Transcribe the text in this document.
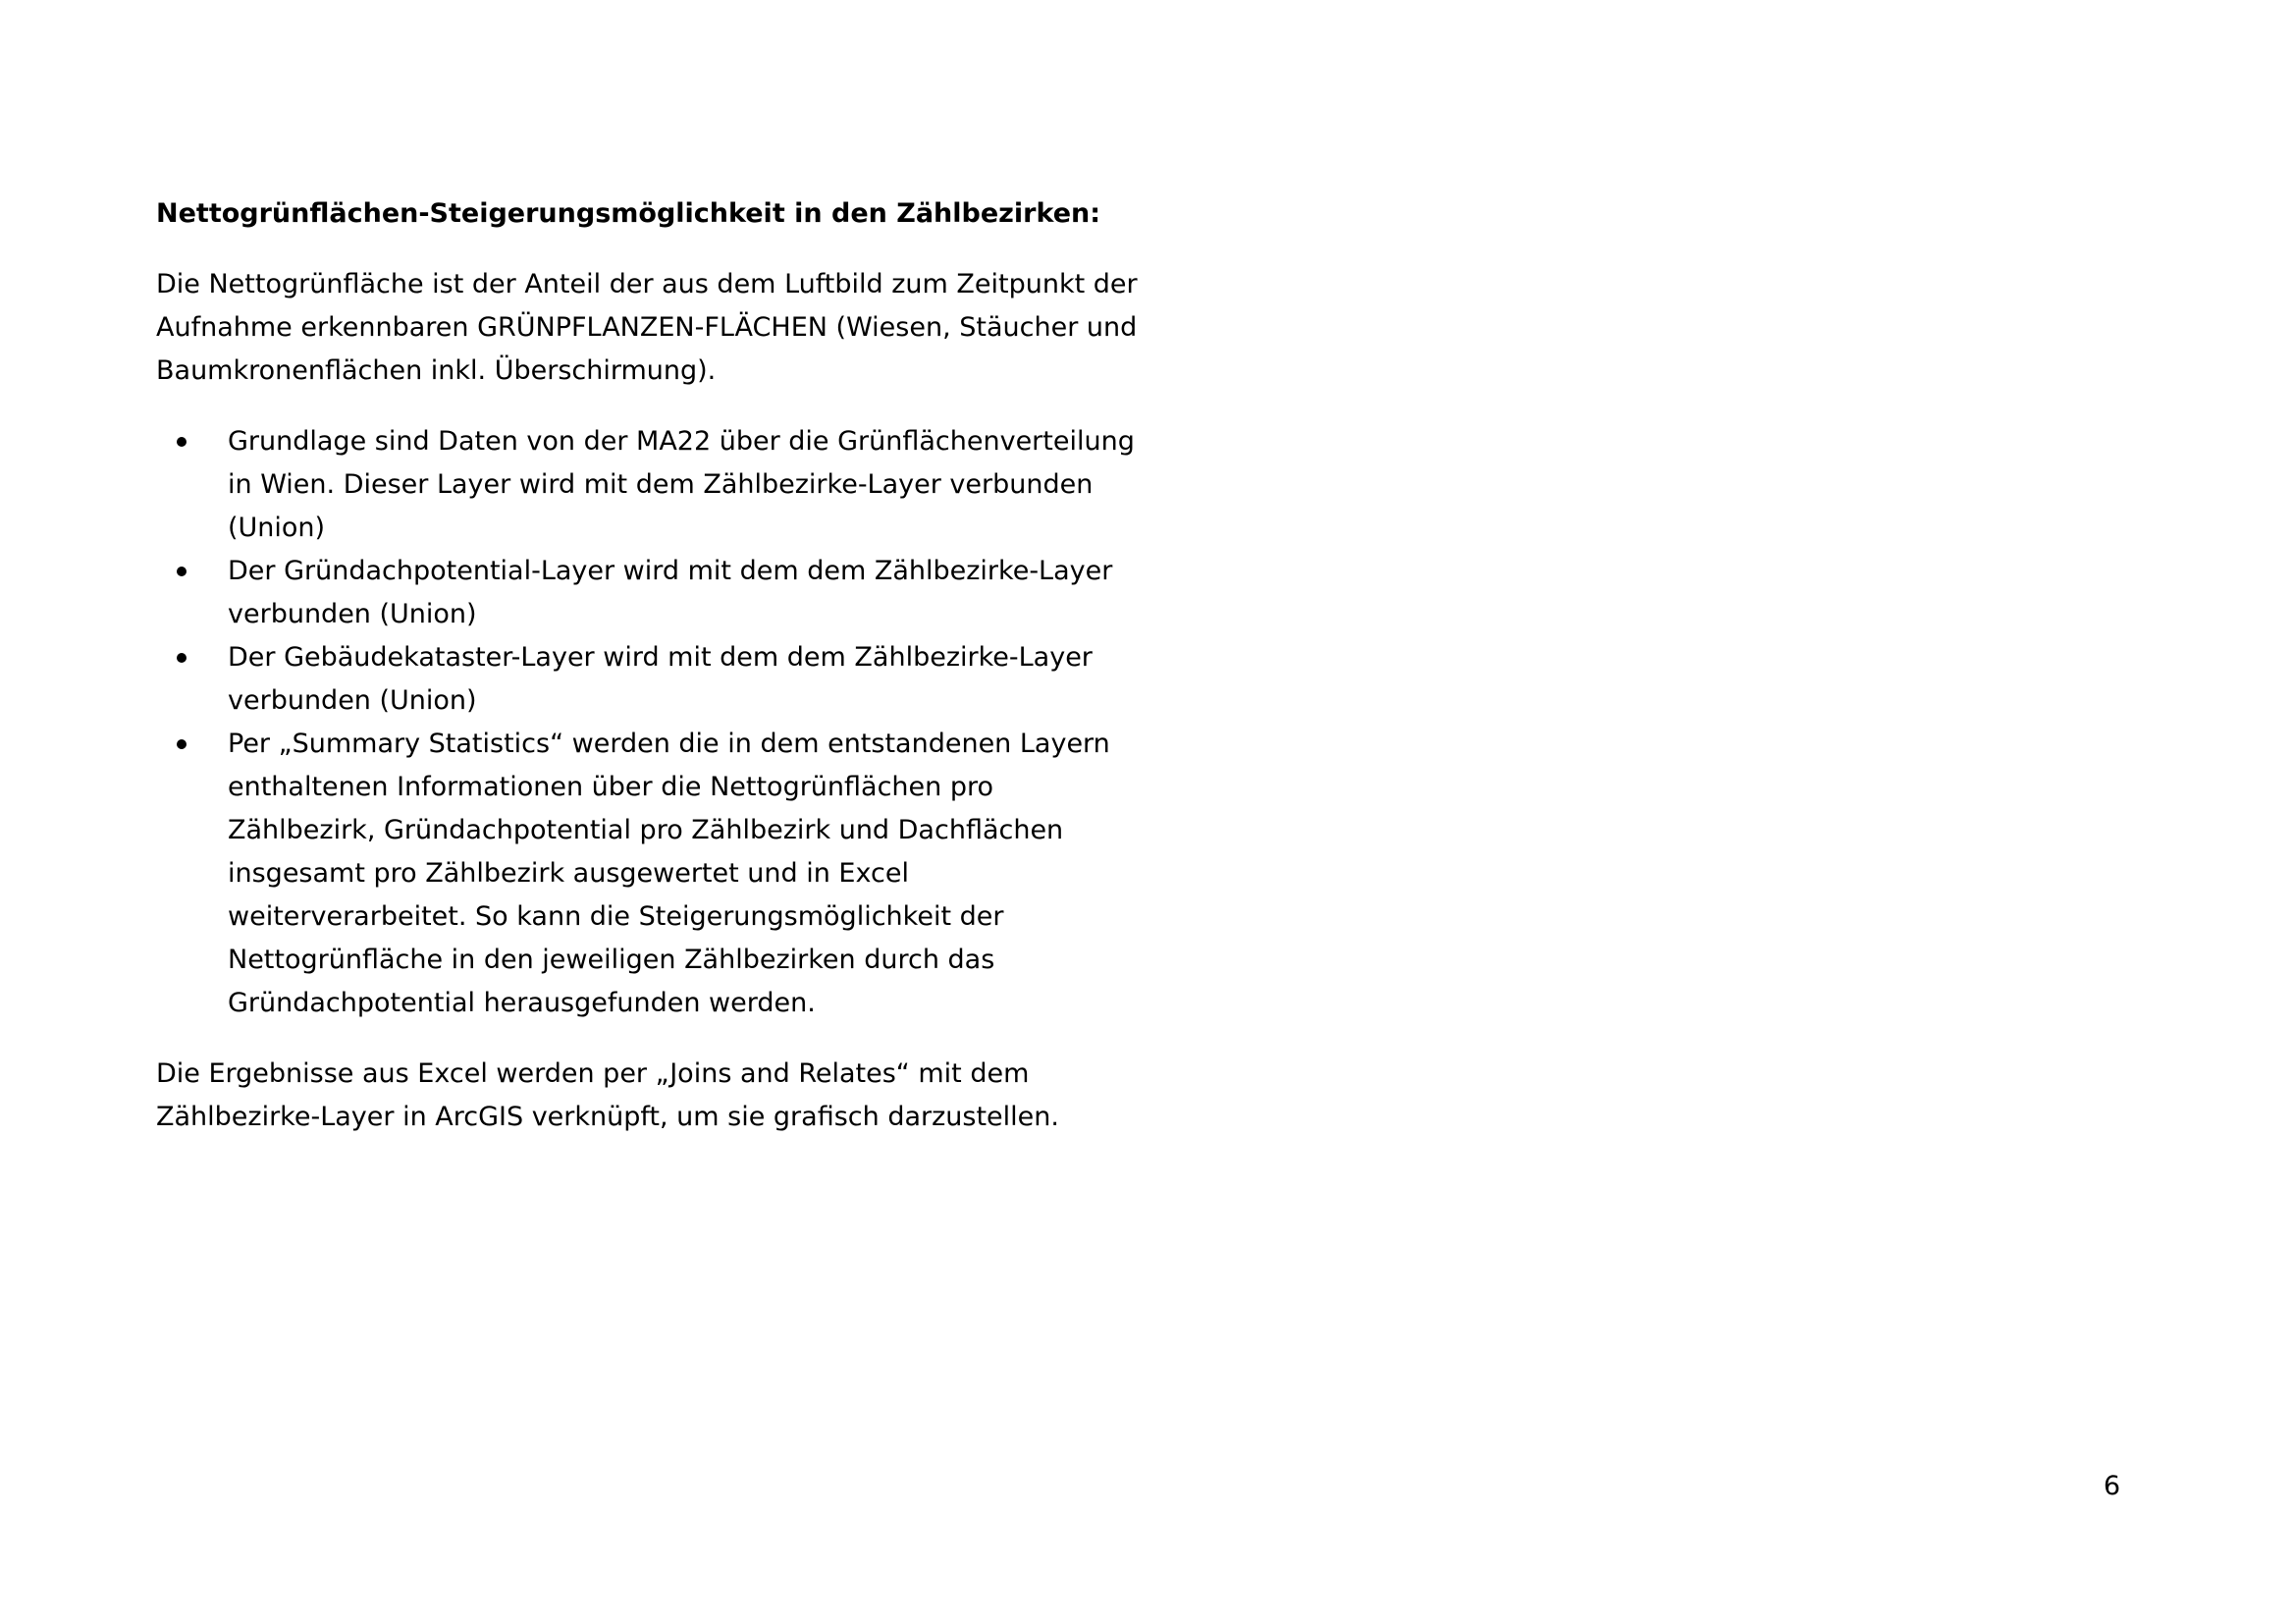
Nettogrünflächen-Steigerungsmöglichkeit in den Zählbezirken:
Die Nettogrünfläche ist der Anteil der aus dem Luftbild zum Zeitpunkt der Aufnahme erkennbaren GRÜNPFLANZEN-FLÄCHEN (Wiesen, Stäucher und Baumkronenflächen inkl. Überschirmung).
Grundlage sind Daten von der MA22 über die Grünflächenverteilung in Wien. Dieser Layer wird mit dem Zählbezirke-Layer verbunden (Union)
Der Gründachpotential-Layer wird mit dem dem Zählbezirke-Layer verbunden (Union)
Der Gebäudekataster-Layer wird mit dem dem Zählbezirke-Layer verbunden (Union)
Per „Summary Statistics“ werden die in dem entstandenen Layern enthaltenen Informationen über die Nettogrünflächen pro Zählbezirk, Gründachpotential pro Zählbezirk und Dachflächen insgesamt pro Zählbezirk ausgewertet und in Excel weiterverarbeitet. So kann die Steigerungsmöglichkeit der Nettogrünfläche in den jeweiligen Zählbezirken durch das Gründachpotential herausgefunden werden.
Die Ergebnisse aus Excel werden per „Joins and Relates“ mit dem Zählbezirke-Layer in ArcGIS verknüpft, um sie grafisch darzustellen.
6
